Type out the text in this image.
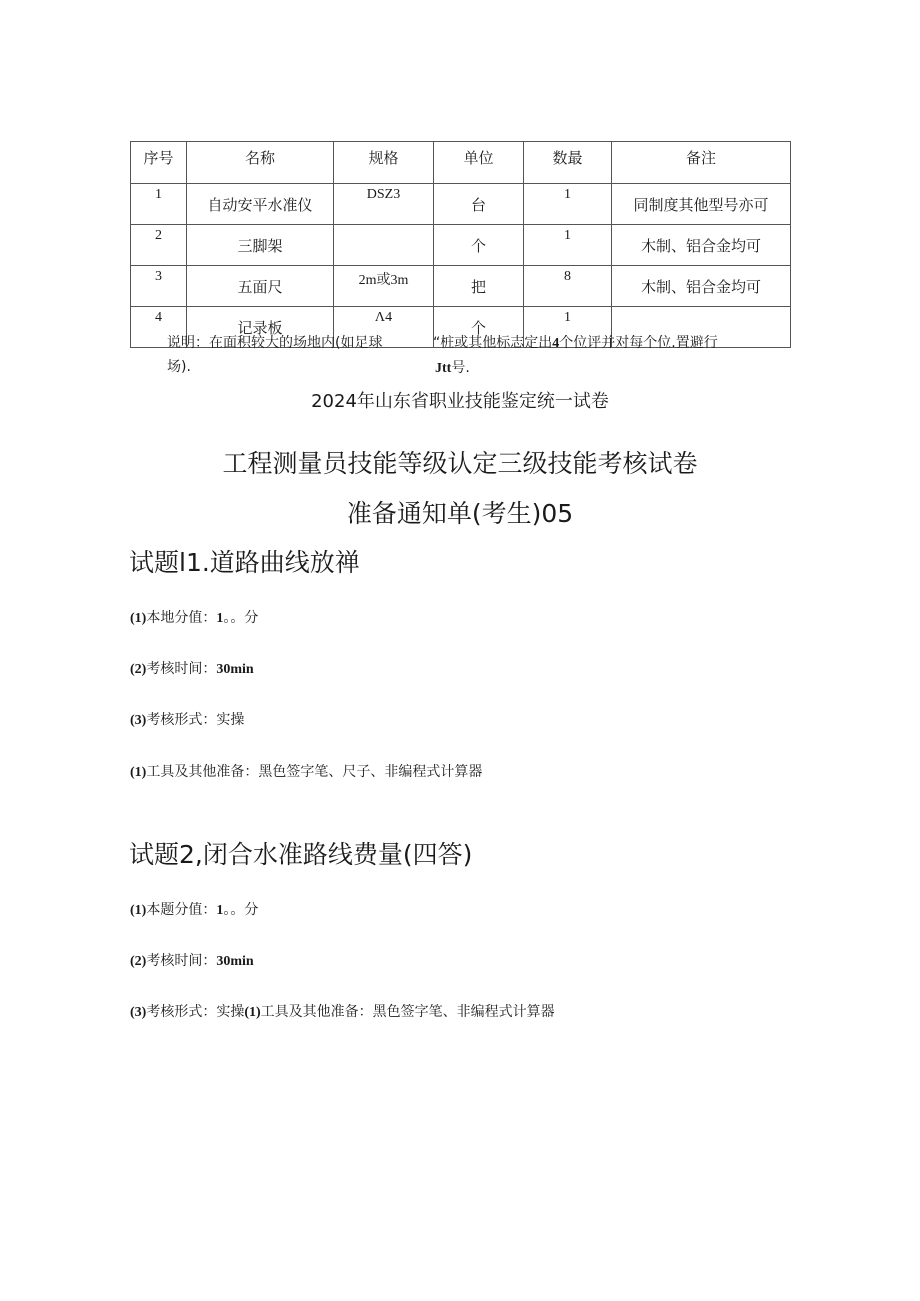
序号	名称	规格	单位	数最	备注
1	自动安平水准仪	DSZ3	台	1	同制度其他型号亦可
2	三脚架		个	1	木制、铝合金均可
3	五面尺	2m或3m	把	8	木制、铝合金均可
4	记录板	Λ4	个	1	
说明：在面积较大的场地内(如足球
场).
“桩或其他标志定出4个位评并对每个位.置避行
Jtt号.
2024年山东省职业技能鉴定统一试卷
工程测量员技能等级认定三级技能考核试卷
准备通知单(考生)05
试题l1.道路曲线放禅
(1)本地分值：1。。分
(2)考核时间：30min
(3)考核形式：实操
(1)工具及其他准备：黑色签字笔、尺子、非编程式计算器
试题2,闭合水准路线费量(四答)
(1)本题分值：1。。分
(2)考核时间：30min
(3)考核形式：实操(1)工具及其他准备：黑色签字笔、非编程式计算器
